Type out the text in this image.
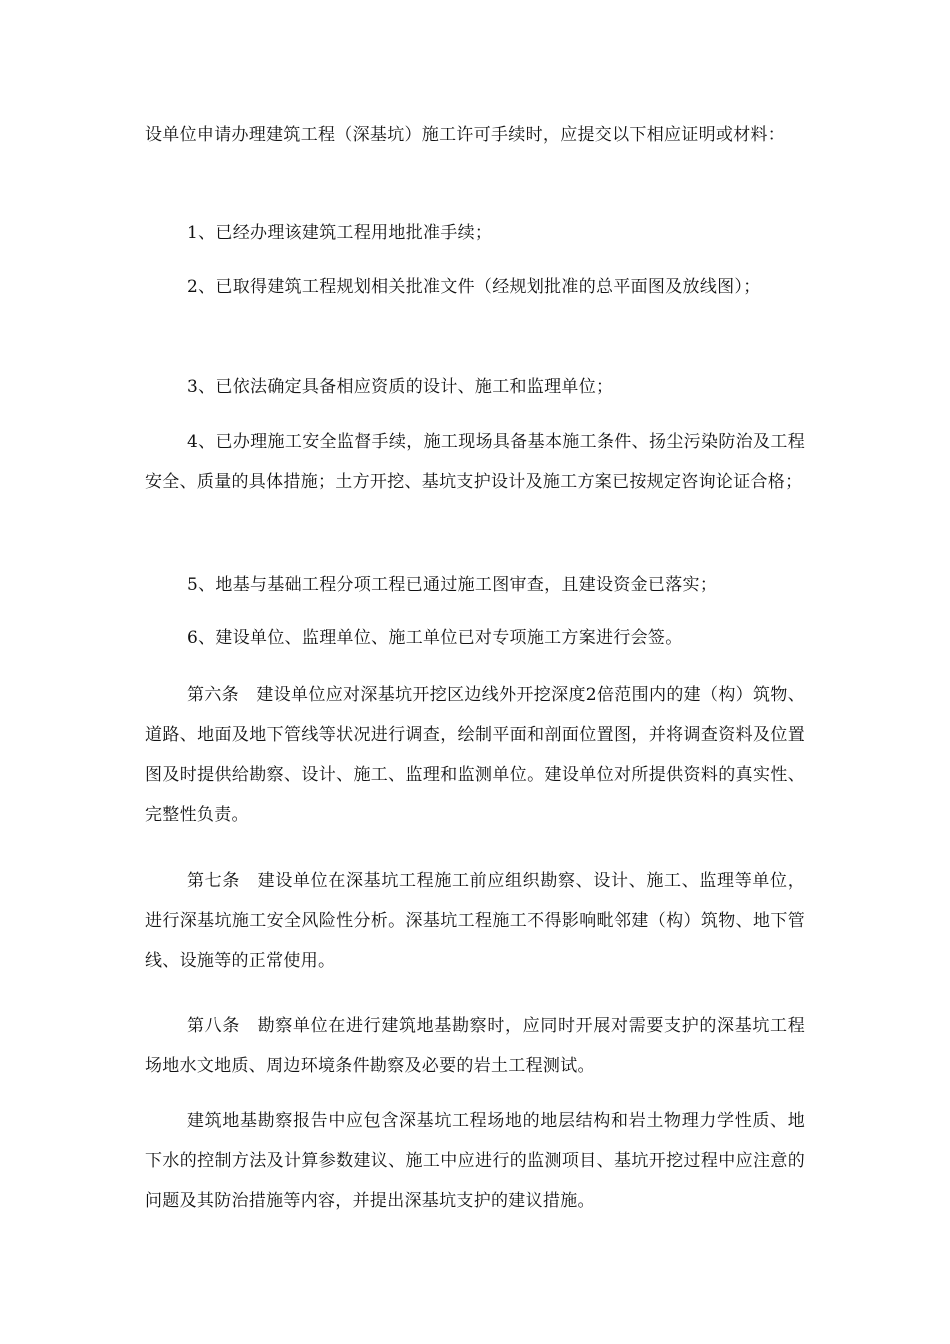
设单位申请办理建筑工程（深基坑）施工许可手续时，应提交以下相应证明或材料：

1、已经办理该建筑工程用地批准手续；

2、已取得建筑工程规划相关批准文件（经规划批准的总平面图及放线图）；

3、已依法确定具备相应资质的设计、施工和监理单位；

4、已办理施工安全监督手续，施工现场具备基本施工条件、扬尘污染防治及工程安全、质量的具体措施；土方开挖、基坑支护设计及施工方案已按规定咨询论证合格；

5、地基与基础工程分项工程已通过施工图审查，且建设资金已落实；

6、建设单位、监理单位、施工单位已对专项施工方案进行会签。

第六条　建设单位应对深基坑开挖区边线外开挖深度2倍范围内的建（构）筑物、道路、地面及地下管线等状况进行调查，绘制平面和剖面位置图，并将调查资料及位置图及时提供给勘察、设计、施工、监理和监测单位。建设单位对所提供资料的真实性、完整性负责。

第七条　建设单位在深基坑工程施工前应组织勘察、设计、施工、监理等单位，进行深基坑施工安全风险性分析。深基坑工程施工不得影响毗邻建（构）筑物、地下管线、设施等的正常使用。

第八条　勘察单位在进行建筑地基勘察时，应同时开展对需要支护的深基坑工程场地水文地质、周边环境条件勘察及必要的岩土工程测试。

建筑地基勘察报告中应包含深基坑工程场地的地层结构和岩土物理力学性质、地下水的控制方法及计算参数建议、施工中应进行的监测项目、基坑开挖过程中应注意的问题及其防治措施等内容，并提出深基坑支护的建议措施。
